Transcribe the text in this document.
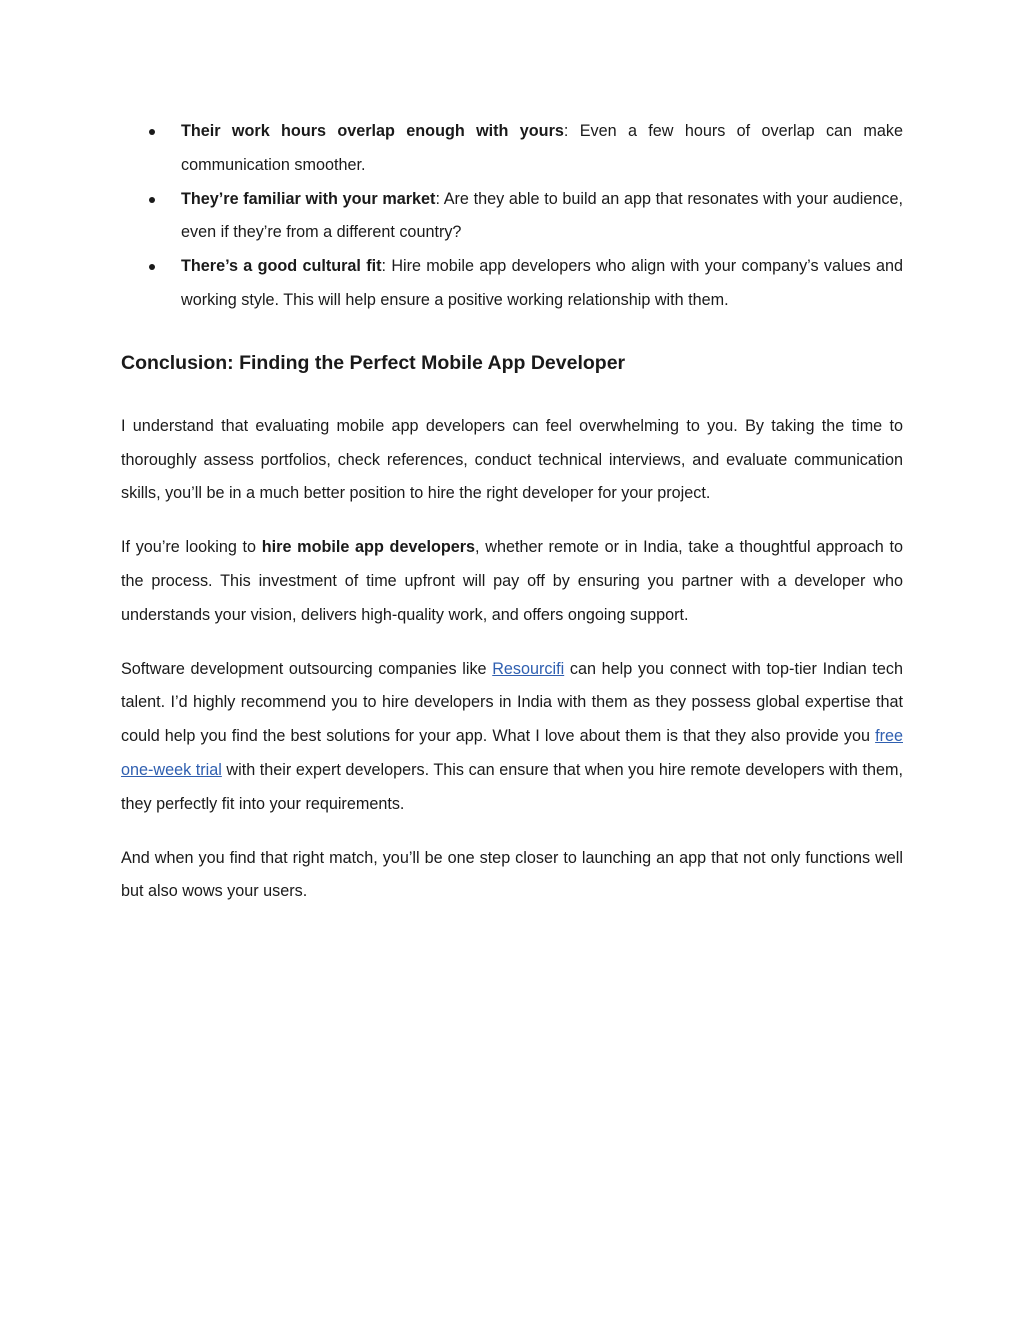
Their work hours overlap enough with yours: Even a few hours of overlap can make communication smoother.
They’re familiar with your market: Are they able to build an app that resonates with your audience, even if they’re from a different country?
There’s a good cultural fit: Hire mobile app developers who align with your company’s values and working style. This will help ensure a positive working relationship with them.
Conclusion: Finding the Perfect Mobile App Developer

I understand that evaluating mobile app developers can feel overwhelming to you. By taking the time to thoroughly assess portfolios, check references, conduct technical interviews, and evaluate communication skills, you’ll be in a much better position to hire the right developer for your project.

If you’re looking to hire mobile app developers, whether remote or in India, take a thoughtful approach to the process. This investment of time upfront will pay off by ensuring you partner with a developer who understands your vision, delivers high-quality work, and offers ongoing support.

Software development outsourcing companies like Resourcifi can help you connect with top-tier Indian tech talent. I’d highly recommend you to hire developers in India with them as they possess global expertise that could help you find the best solutions for your app. What I love about them is that they also provide you free one-week trial with their expert developers. This can ensure that when you hire remote developers with them, they perfectly fit into your requirements.

And when you find that right match, you’ll be one step closer to launching an app that not only functions well but also wows your users.
